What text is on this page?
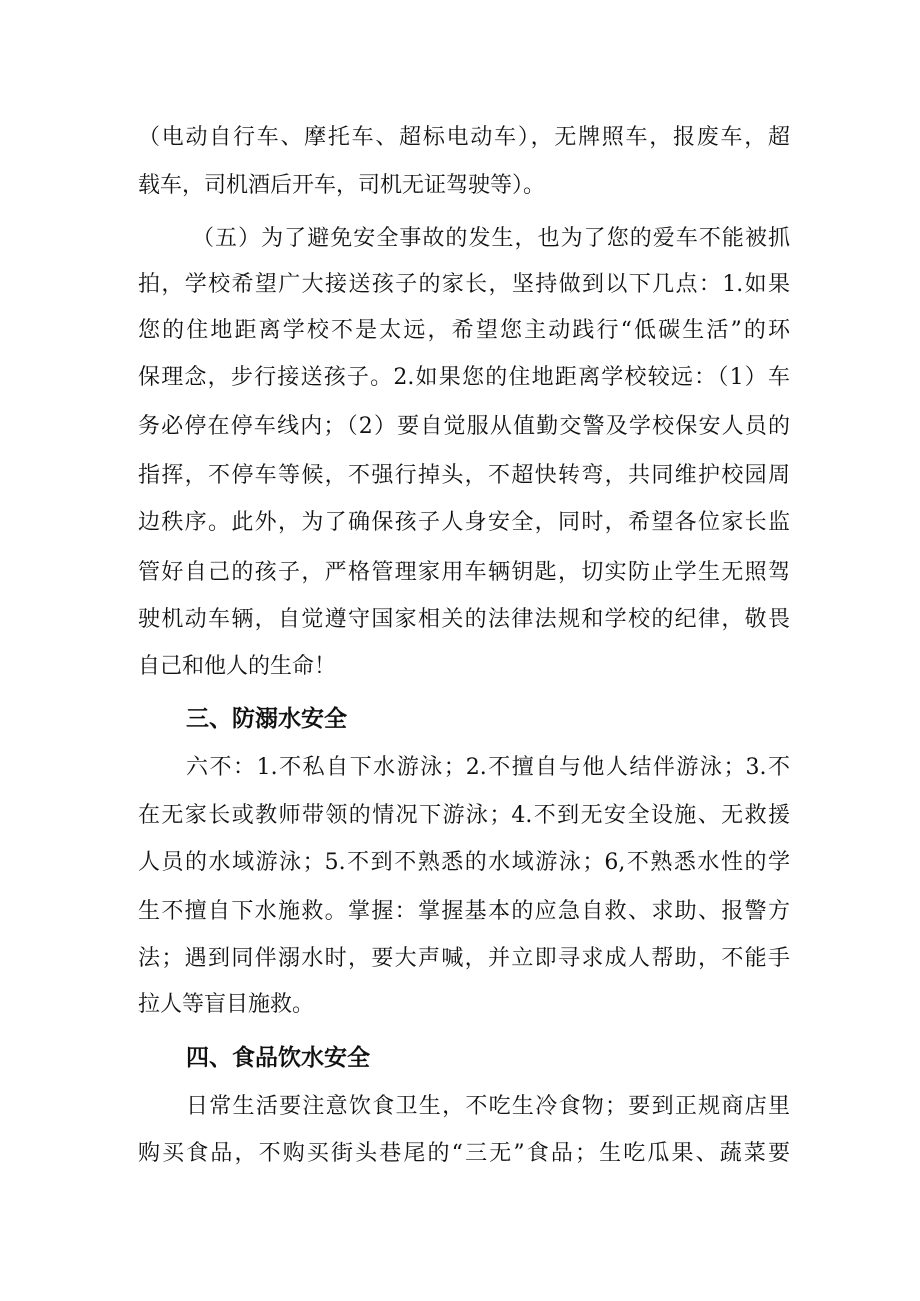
（电动自行车、摩托车、超标电动车），无牌照车，报废车，超
载车，司机酒后开车，司机无证驾驶等）。
（五）为了避免安全事故的发生，也为了您的爱车不能被抓
拍，学校希望广大接送孩子的家长，坚持做到以下几点：1.如果
您的住地距离学校不是太远，希望您主动践行“低碳生活”的环
保理念，步行接送孩子。2.如果您的住地距离学校较远：（1）车
务必停在停车线内；（2）要自觉服从值勤交警及学校保安人员的
指挥，不停车等候，不强行掉头，不超快转弯，共同维护校园周
边秩序。此外，为了确保孩子人身安全，同时，希望各位家长监
管好自己的孩子，严格管理家用车辆钥匙，切实防止学生无照驾
驶机动车辆，自觉遵守国家相关的法律法规和学校的纪律，敬畏
自己和他人的生命！
三、防溺水安全
六不：1.不私自下水游泳；2.不擅自与他人结伴游泳；3.不
在无家长或教师带领的情况下游泳；4.不到无安全设施、无救援
人员的水域游泳；5.不到不熟悉的水域游泳；6,不熟悉水性的学
生不擅自下水施救。掌握：掌握基本的应急自救、求助、报警方
法；遇到同伴溺水时，要大声喊，并立即寻求成人帮助，不能手
拉人等盲目施救。
四、食品饮水安全
日常生活要注意饮食卫生，不吃生冷食物；要到正规商店里
购买食品，不购买街头巷尾的“三无”食品；生吃瓜果、蔬菜要
